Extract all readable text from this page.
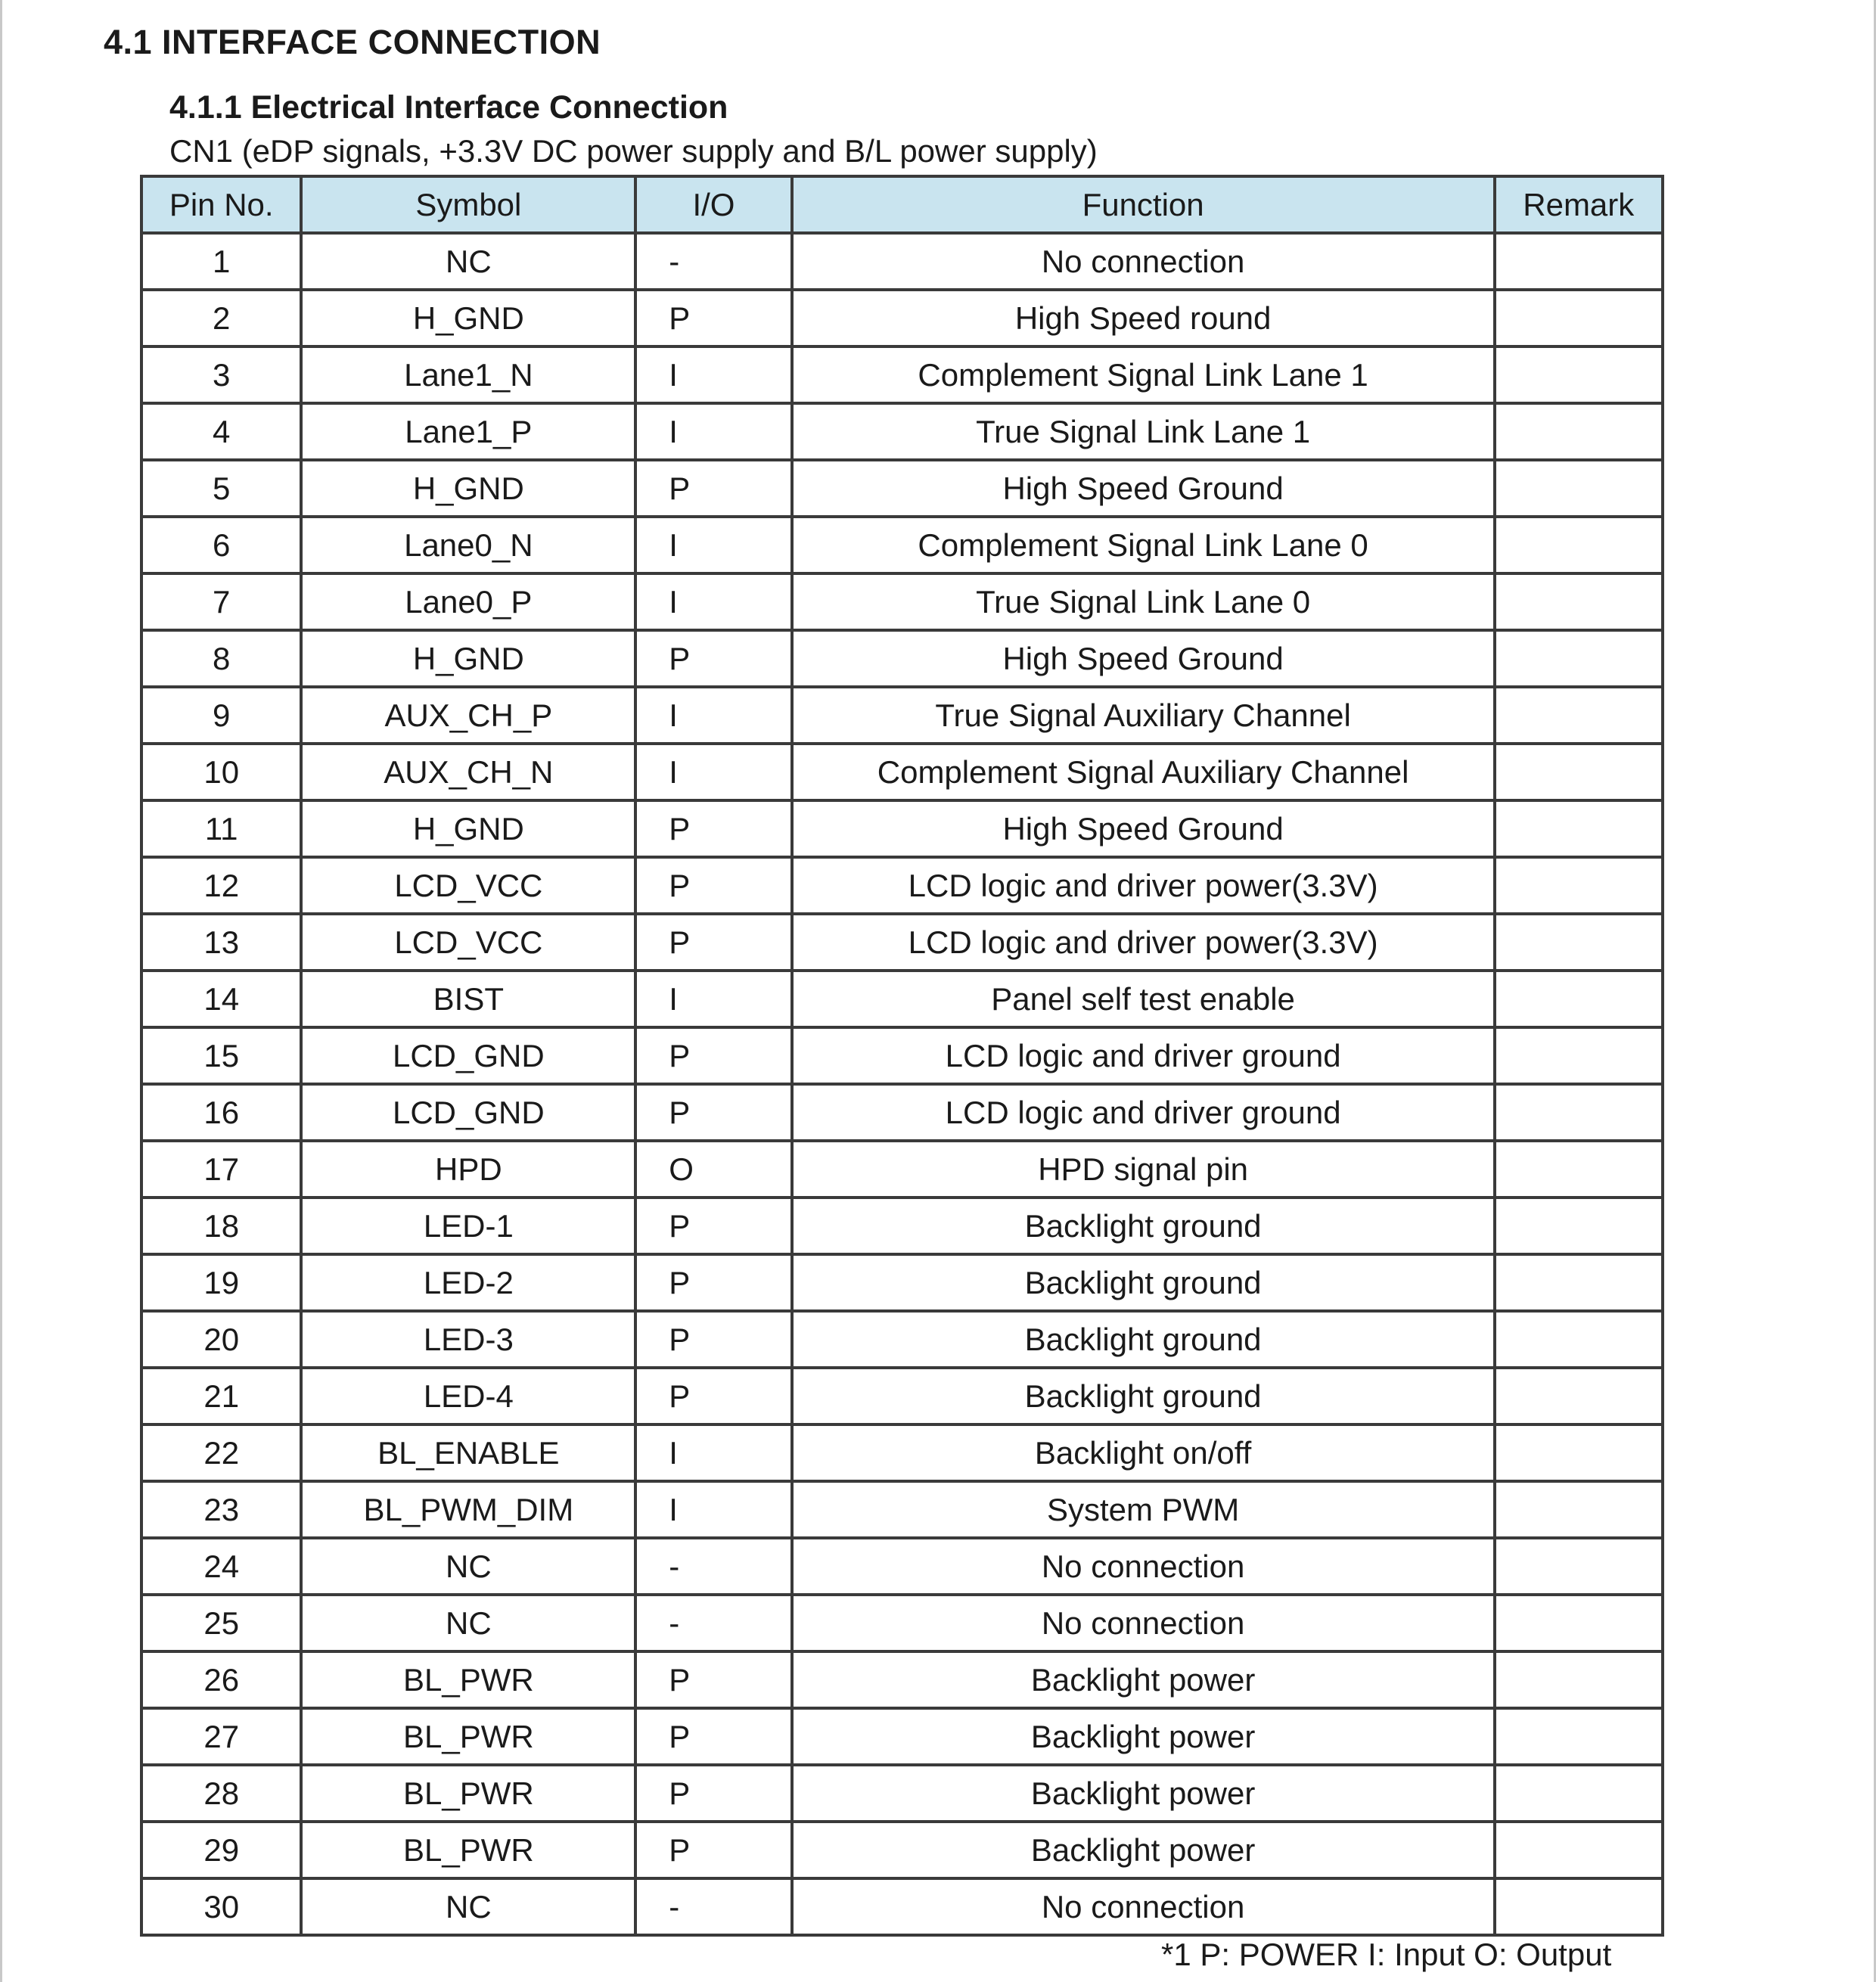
4.1 INTERFACE CONNECTION
4.1.1 Electrical Interface Connection
CN1 (eDP signals, +3.3V DC power supply and B/L power supply)
Pin No.	Symbol	I/O	Function	Remark
1	NC	-	No connection	
2	H_GND	P	High Speed round	
3	Lane1_N	I	Complement Signal Link Lane 1	
4	Lane1_P	I	True Signal Link Lane 1	
5	H_GND	P	High Speed Ground	
6	Lane0_N	I	Complement Signal Link Lane 0	
7	Lane0_P	I	True Signal Link Lane 0	
8	H_GND	P	High Speed Ground	
9	AUX_CH_P	I	True Signal Auxiliary Channel	
10	AUX_CH_N	I	Complement Signal Auxiliary Channel	
11	H_GND	P	High Speed Ground	
12	LCD_VCC	P	LCD logic and driver power(3.3V)	
13	LCD_VCC	P	LCD logic and driver power(3.3V)	
14	BIST	I	Panel self test enable	
15	LCD_GND	P	LCD logic and driver ground	
16	LCD_GND	P	LCD logic and driver ground	
17	HPD	O	HPD signal pin	
18	LED-1	P	Backlight ground	
19	LED-2	P	Backlight ground	
20	LED-3	P	Backlight ground	
21	LED-4	P	Backlight ground	
22	BL_ENABLE	I	Backlight on/off	
23	BL_PWM_DIM	I	System PWM	
24	NC	-	No connection	
25	NC	-	No connection	
26	BL_PWR	P	Backlight power	
27	BL_PWR	P	Backlight power	
28	BL_PWR	P	Backlight power	
29	BL_PWR	P	Backlight power	
30	NC	-	No connection	
*1 P: POWER I: Input O: Output
